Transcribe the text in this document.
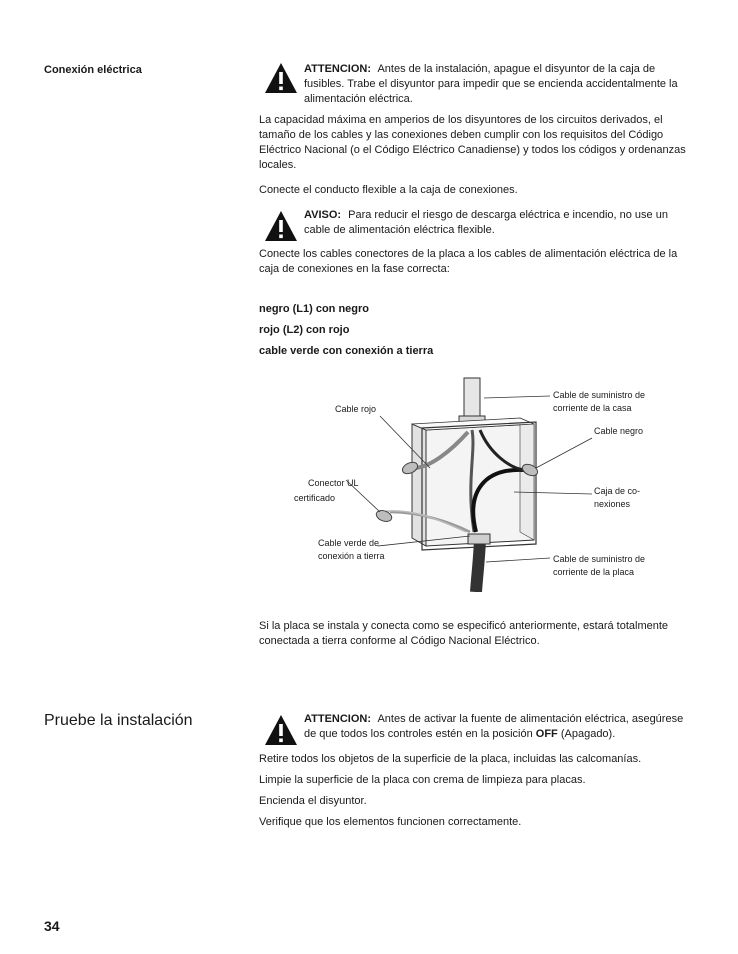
Conexión eléctrica	ATTENCION: Antes de la instalación, apague el disyuntor de la caja de fusibles. Trabe el disyuntor para impedir que se encienda accidentalmente la alimentación eléctrica.
La capacidad máxima en amperios de los disyuntores de los circuitos derivados, el tamaño de los cables y las conexiones deben cumplir con los requisitos del Código Eléctrico Nacional (o el Código Eléctrico Canadiense) y todos los códigos y ordenanzas locales.
Conecte el conducto flexible a la caja de conexiones.
AVISO: Para reducir el riesgo de descarga eléctrica e incendio, no use un cable de alimentación eléctrica flexible.
Conecte los cables conectores de la placa a los cables de alimentación eléctrica de la caja de conexiones en la fase correcta:
negro (L1) con negro
rojo (L2) con rojo
cable verde con conexión a tierra
Cable rojo
Cable de suministro de
corriente de la casa
Cable negro
Conector UL
certificado
Caja de co-
nexiones
Cable verde de
conexión a tierra	Cable de suministro de
corriente de la placa
Si la placa se instala y conecta como se especificó anteriormente, estará totalmente conectada a tierra conforme al Código Nacional Eléctrico.
Pruebe la instalación	ATTENCION: Antes de activar la fuente de alimentación eléctrica, asegúrese de que todos los controles estén en la posición OFF (Apagado).
Retire todos los objetos de la superficie de la placa, incluidas las calcomanías.
Limpie la superficie de la placa con crema de limpieza para placas.
Encienda el disyuntor.
Verifique que los elementos funcionen correctamente.
34
